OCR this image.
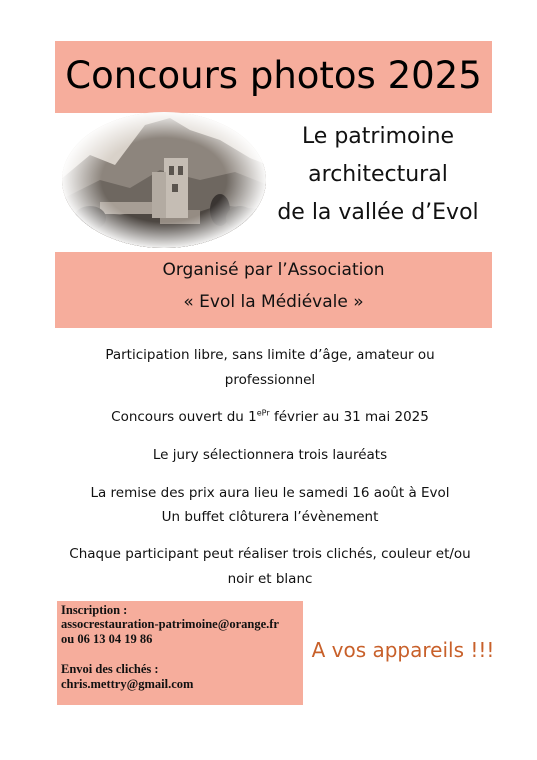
Concours photos 2025
Le patrimoine
architectural
de la vallée d’Evol
Organisé par l’Association
« Evol la Médiévale »
Participation libre, sans limite d’âge, amateur ou
professionnel
Concours ouvert du $1^{ePr}$ février au 31 mai 2025
Le jury sélectionnera trois lauréats
La remise des prix aura lieu le samedi 16 août à Evol
Un buffet clôturera l’évènement
Chaque participant peut réaliser trois clichés, couleur et/ou
noir et blanc
Inscription :
assocrestauration-patrimoine@orange.fr
ou 06 13 04 19 86
Envoi des clichés :
chris.mettry@gmail.com
A vos appareils !!!
